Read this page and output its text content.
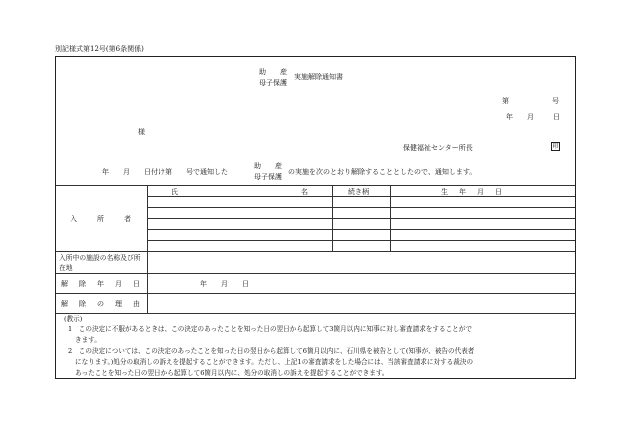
別記様式第12号(第6条関係)
助　　産
母子保護
実施解除通知書
第	号
年 月	日
様
保健福祉センター所長	印
年　　月　　日付け第　　号で通知した
助　　産
母子保護
の実施を次のとおり解除することとしたので、通知します。
氏	名	続き柄	生　年　月　日
入　　所　　者
入所中の施設の名称及び所在地
解　除　年　月　日	年　　月　　日
解　除　の　理　由
(教示)
1　この決定に不服があるときは、この決定のあったことを知った日の翌日から起算して3箇月以内に知事に対し審査請求をすることがで
きます。
2　この決定については、この決定のあったことを知った日の翌日から起算して6箇月以内に、石川県を被告として(知事が、被告の代表者
になります。)処分の取消しの訴えを提起することができます。ただし、上記1の審査請求をした場合には、当該審査請求に対する裁決の
あったことを知った日の翌日から起算して6箇月以内に、処分の取消しの訴えを提起することができます。
